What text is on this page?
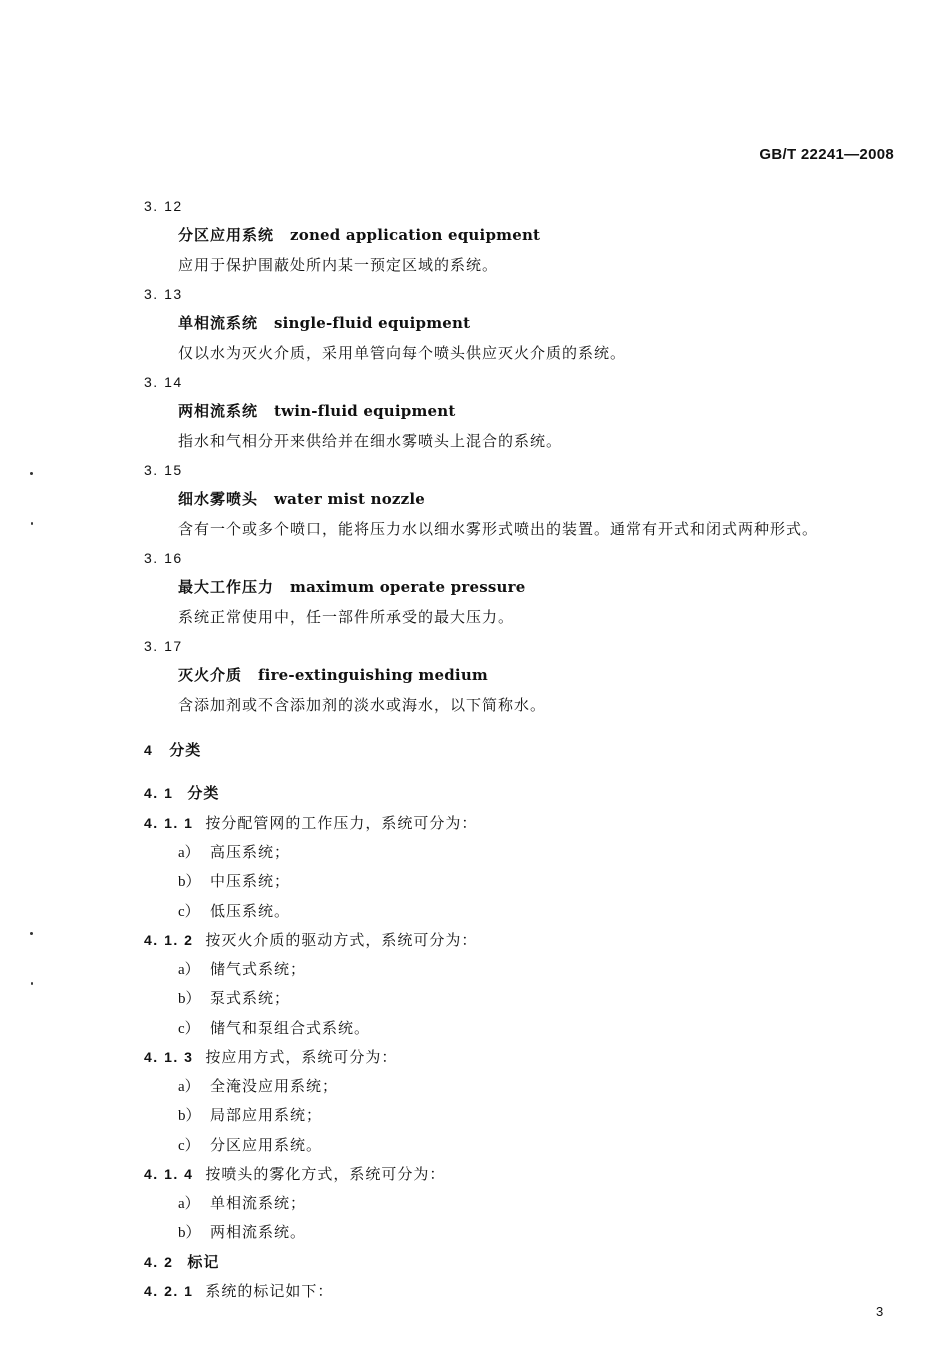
GB/T 22241—2008
3. 12
分区应用系统 zoned application equipment
应用于保护围蔽处所内某一预定区域的系统。
3. 13
单相流系统 single-fluid equipment
仅以水为灭火介质，采用单管向每个喷头供应灭火介质的系统。
3. 14
两相流系统 twin-fluid equipment
指水和气相分开来供给并在细水雾喷头上混合的系统。
3. 15
细水雾喷头 water mist nozzle
含有一个或多个喷口，能将压力水以细水雾形式喷出的装置。通常有开式和闭式两种形式。
3. 16
最大工作压力 maximum operate pressure
系统正常使用中，任一部件所承受的最大压力。
3. 17
灭火介质 fire-extinguishing medium
含添加剂或不含添加剂的淡水或海水，以下简称水。
4 分类
4. 1 分类
4. 1. 1 按分配管网的工作压力，系统可分为：
a） 高压系统；
b） 中压系统；
c） 低压系统。
4. 1. 2 按灭火介质的驱动方式，系统可分为：
a） 储气式系统；
b） 泵式系统；
c） 储气和泵组合式系统。
4. 1. 3 按应用方式，系统可分为：
a） 全淹没应用系统；
b） 局部应用系统；
c） 分区应用系统。
4. 1. 4 按喷头的雾化方式，系统可分为：
a） 单相流系统；
b） 两相流系统。
4. 2 标记
4. 2. 1 系统的标记如下：
3
